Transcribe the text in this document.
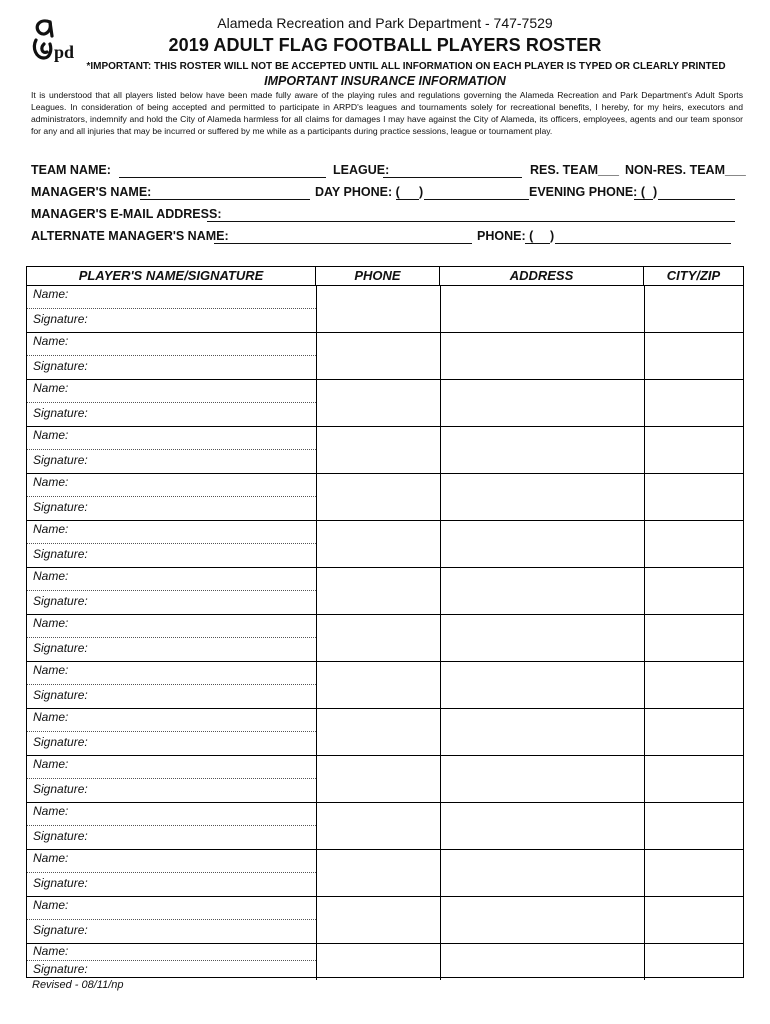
pd
arpd
Alameda Recreation and Park Department - 747-7529
2019 ADULT FLAG FOOTBALL PLAYERS ROSTER
*IMPORTANT: THIS ROSTER WILL NOT BE ACCEPTED UNTIL ALL INFORMATION ON EACH PLAYER IS TYPED OR CLEARLY PRINTED
IMPORTANT INSURANCE INFORMATION
It is understood that all players listed below have been made fully aware of the playing rules and regulations governing the Alameda Recreation and Park Department's Adult Sports Leagues. In consideration of being accepted and permitted to participate in ARPD's leagues and tournaments solely for recreational benefits, I hereby, for my heirs, executors and administrators, indemnify and hold the City of Alameda harmless for all claims for damages I may have against the City of Alameda, its officers, employees, agents and our team sponsor for any and all injuries that may be incurred or suffered by me while as a participants during practice sessions, league or tournament play.
TEAM NAME:	LEAGUE:	RES. TEAM___ NON-RES. TEAM___
MANAGER'S NAME:	DAY PHONE: ( )	EVENING PHONE: ( )
MANAGER'S E-MAIL ADDRESS:
ALTERNATE MANAGER'S NAME:	PHONE: ( )
PLAYER'S NAME/SIGNATURE	PHONE	ADDRESS	CITY/ZIP
Name:
Signature:
Name:
Signature:
Name:
Signature:
Name:
Signature:
Name:
Signature:
Name:
Signature:
Name:
Signature:
Name:
Signature:
Name:
Signature:
Name:
Signature:
Name:
Signature:
Name:
Signature:
Name:
Signature:
Name:
Signature:
Name:
Signature:
Revised - 08/11/np
